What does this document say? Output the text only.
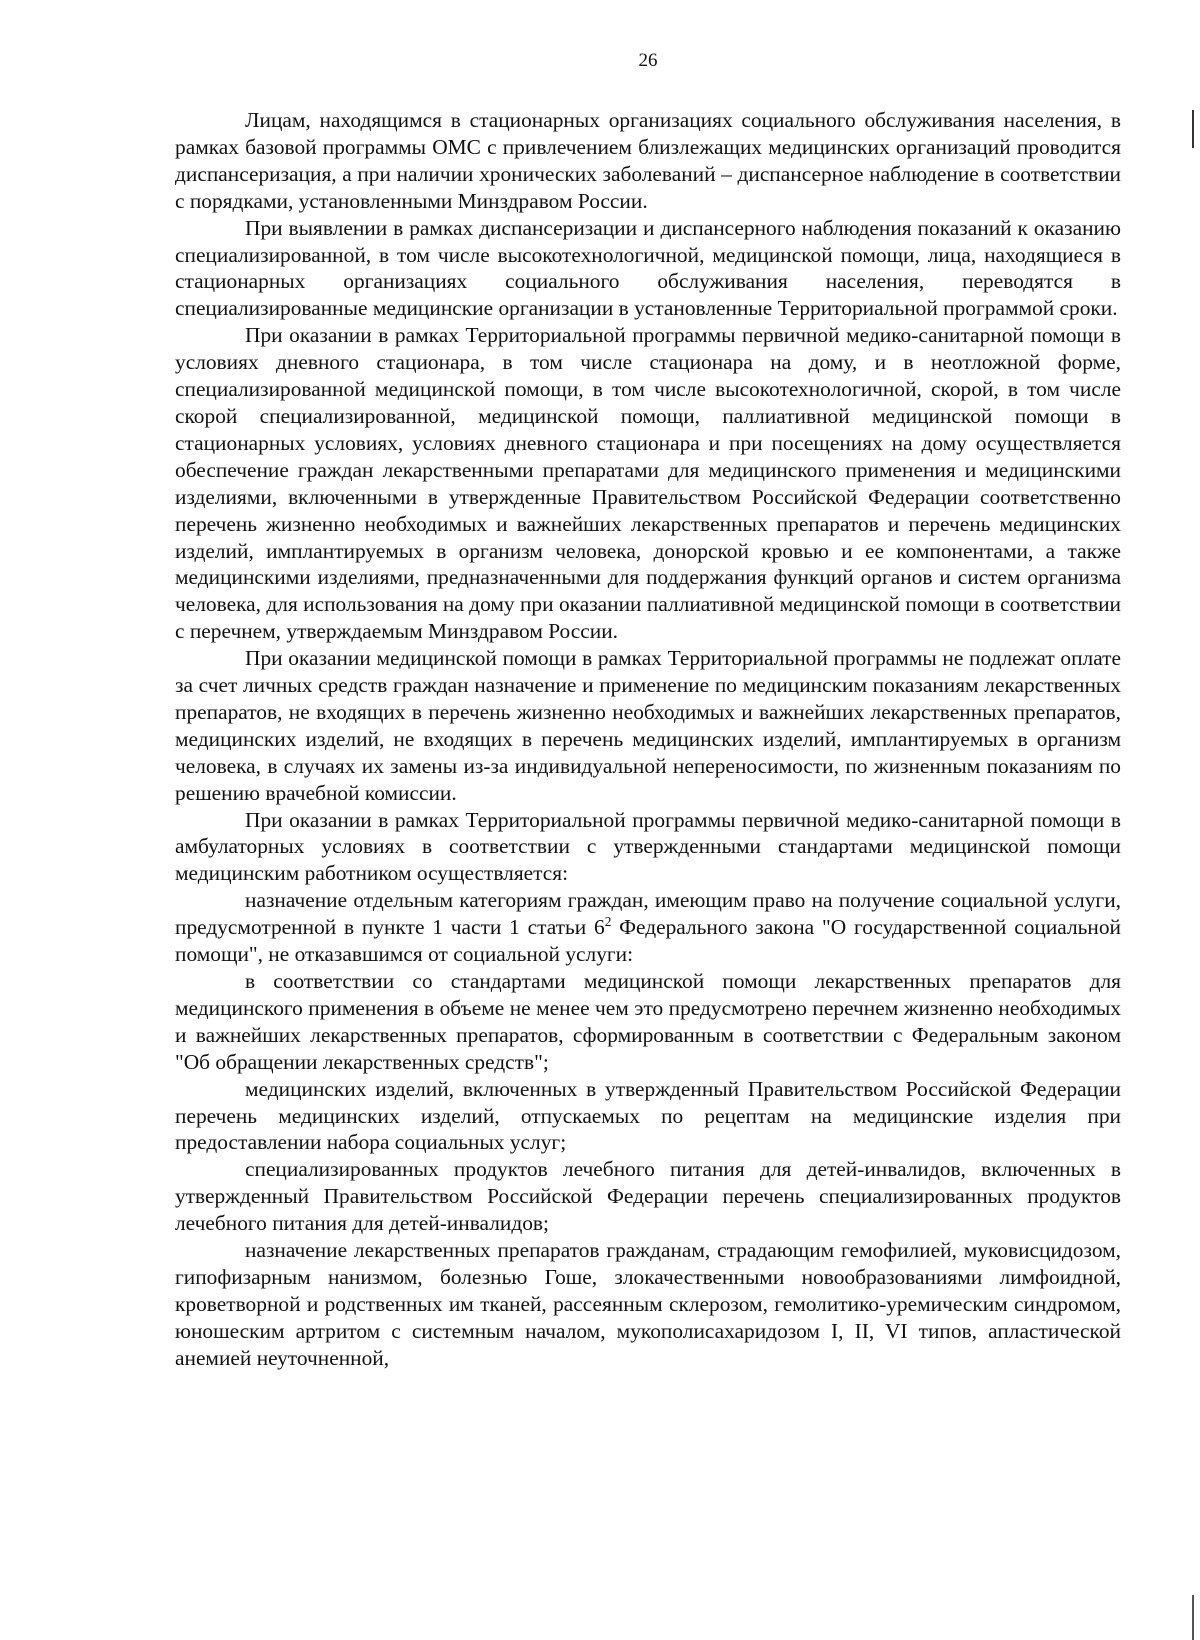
26

Лицам, находящимся в стационарных организациях социального обслуживания населения, в рамках базовой программы ОМС с привлечением близлежащих медицинских организаций проводится диспансеризация, а при наличии хронических заболеваний – диспансерное наблюдение в соответствии с порядками, установленными Минздравом России.

При выявлении в рамках диспансеризации и диспансерного наблюдения показаний к оказанию специализированной, в том числе высокотехнологичной, медицинской помощи, лица, находящиеся в стационарных организациях социального обслуживания населения, переводятся в специализированные медицинские организации в установленные Территориальной программой сроки.

При оказании в рамках Территориальной программы первичной медико-санитарной помощи в условиях дневного стационара, в том числе стационара на дому, и в неотложной форме, специализированной медицинской помощи, в том числе высокотехнологичной, скорой, в том числе скорой специализированной, медицинской помощи, паллиативной медицинской помощи в стационарных условиях, условиях дневного стационара и при посещениях на дому осуществляется обеспечение граждан лекарственными препаратами для медицинского применения и медицинскими изделиями, включенными в утвержденные Правительством Российской Федерации соответственно перечень жизненно необходимых и важнейших лекарственных препаратов и перечень медицинских изделий, имплантируемых в организм человека, донорской кровью и ее компонентами, а также медицинскими изделиями, предназначенными для поддержания функций органов и систем организма человека, для использования на дому при оказании паллиативной медицинской помощи в соответствии с перечнем, утверждаемым Минздравом России.

При оказании медицинской помощи в рамках Территориальной программы не подлежат оплате за счет личных средств граждан назначение и применение по медицинским показаниям лекарственных препаратов, не входящих в перечень жизненно необходимых и важнейших лекарственных препаратов, медицинских изделий, не входящих в перечень медицинских изделий, имплантируемых в организм человека, в случаях их замены из-за индивидуальной непереносимости, по жизненным показаниям по решению врачебной комиссии.

При оказании в рамках Территориальной программы первичной медико-санитарной помощи в амбулаторных условиях в соответствии с утвержденными стандартами медицинской помощи медицинским работником осуществляется:

назначение отдельным категориям граждан, имеющим право на получение социальной услуги, предусмотренной в пункте 1 части 1 статьи $6^2$ Федерального закона "О государственной социальной помощи", не отказавшимся от социальной услуги:

в соответствии со стандартами медицинской помощи лекарственных препаратов для медицинского применения в объеме не менее чем это предусмотрено перечнем жизненно необходимых и важнейших лекарственных препаратов, сформированным в соответствии с Федеральным законом "Об обращении лекарственных средств";

медицинских изделий, включенных в утвержденный Правительством Российской Федерации перечень медицинских изделий, отпускаемых по рецептам на медицинские изделия при предоставлении набора социальных услуг;

специализированных продуктов лечебного питания для детей-инвалидов, включенных в утвержденный Правительством Российской Федерации перечень специализированных продуктов лечебного питания для детей-инвалидов;

назначение лекарственных препаратов гражданам, страдающим гемофилией, муковисцидозом, гипофизарным нанизмом, болезнью Гоше, злокачественными новообразованиями лимфоидной, кроветворной и родственных им тканей, рассеянным склерозом, гемолитико-уремическим синдромом, юношеским артритом с системным началом, мукополисахаридозом I, II, VI типов, апластической анемией неуточненной,
